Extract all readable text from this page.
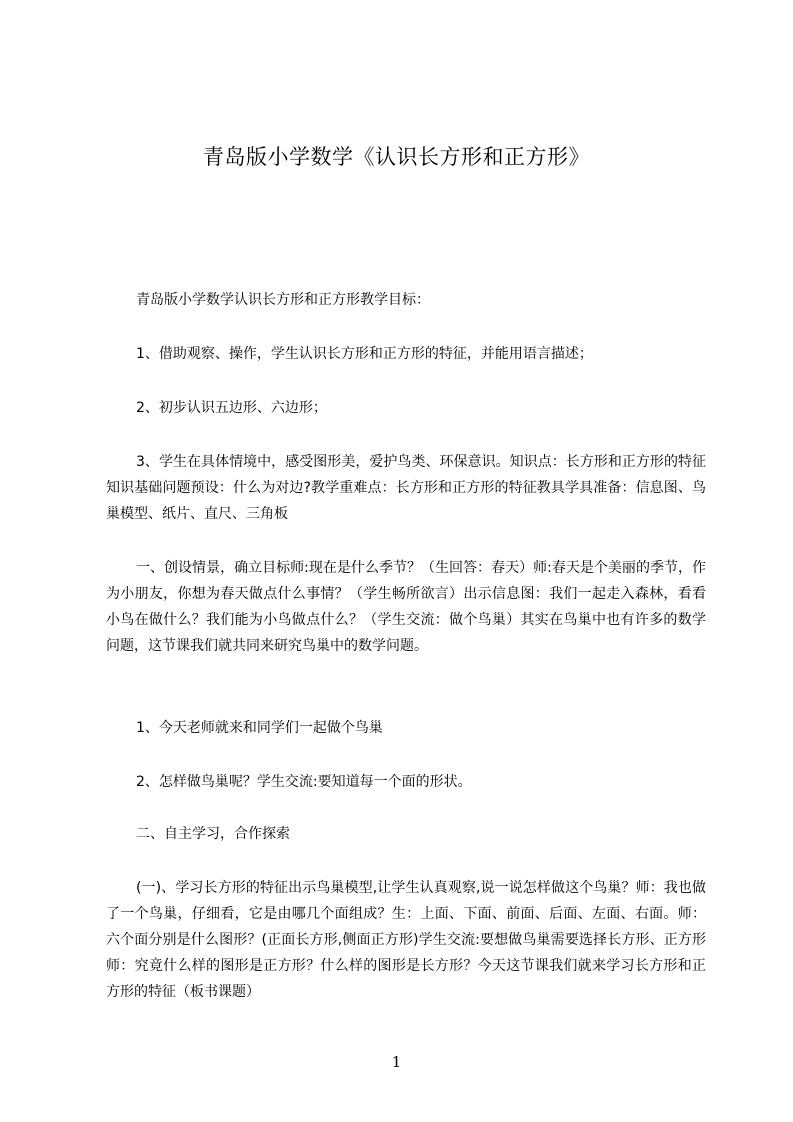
青岛版小学数学《认识长方形和正方形》
青岛版小学数学认识长方形和正方形教学目标：
1、借助观察、操作，学生认识长方形和正方形的特征，并能用语言描述；
2、初步认识五边形、六边形；
3、学生在具体情境中，感受图形美，爱护鸟类、环保意识。知识点：长方形和正方形的特征知识基础问题预设：什么为对边?教学重难点：长方形和正方形的特征教具学具准备：信息图、鸟巢模型、纸片、直尺、三角板
一、创设情景，确立目标师:现在是什么季节？（生回答：春天）师:春天是个美丽的季节，作为小朋友，你想为春天做点什么事情？（学生畅所欲言）出示信息图：我们一起走入森林，看看小鸟在做什么？我们能为小鸟做点什么？（学生交流：做个鸟巢）其实在鸟巢中也有许多的数学问题，这节课我们就共同来研究鸟巢中的数学问题。
1、今天老师就来和同学们一起做个鸟巢
2、怎样做鸟巢呢？学生交流:要知道每一个面的形状。
二、自主学习，合作探索
(一)、学习长方形的特征出示鸟巢模型,让学生认真观察,说一说怎样做这个鸟巢？师：我也做了一个鸟巢，仔细看，它是由哪几个面组成？生：上面、下面、前面、后面、左面、右面。师：六个面分别是什么图形？(正面长方形,侧面正方形)学生交流:要想做鸟巢需要选择长方形、正方形师：究竟什么样的图形是正方形？什么样的图形是长方形？今天这节课我们就来学习长方形和正方形的特征（板书课题）
1
